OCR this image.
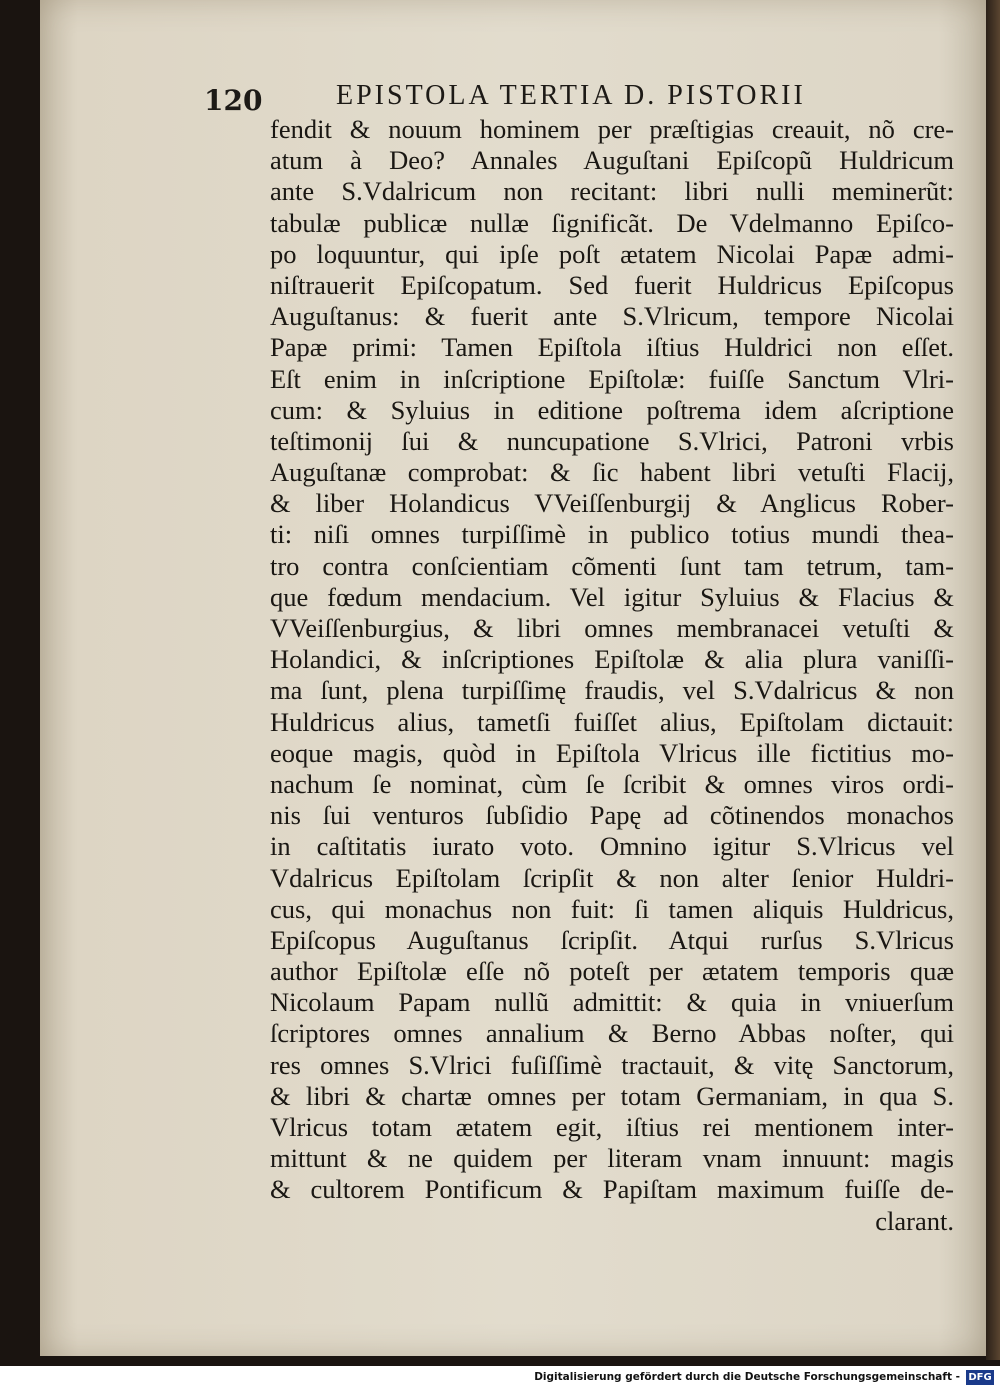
120	EPISTOLA TERTIA D. PISTORII
fendit & nouum hominem per præſtigias creauit, nõ cre-
atum à Deo? Annales Auguſtani Epiſcopũ Huldricum
ante S.Vdalricum non recitant: libri nulli meminerũt:
tabulæ publicæ nullæ ſignificãt. De Vdelmanno Epiſco-
po loquuntur, qui ipſe poſt ætatem Nicolai Papæ admi-
niſtrauerit Epiſcopatum. Sed fuerit Huldricus Epiſcopus
Auguſtanus: & fuerit ante S.Vlricum, tempore Nicolai
Papæ primi: Tamen Epiſtola iſtius Huldrici non eſſet.
Eſt enim in inſcriptione Epiſtolæ: fuiſſe Sanctum Vlri-
cum: & Syluius in editione poſtrema idem aſcriptione
teſtimonij ſui & nuncupatione S.Vlrici, Patroni vrbis
Auguſtanæ comprobat: & ſic habent libri vetuſti Flacij,
& liber Holandicus VVeiſſenburgij & Anglicus Rober-
ti: niſi omnes turpiſſimè in publico totius mundi thea-
tro contra conſcientiam cõmenti ſunt tam tetrum, tam-
que fœdum mendacium. Vel igitur Syluius & Flacius &
VVeiſſenburgius, & libri omnes membranacei vetuſti &
Holandici, & inſcriptiones Epiſtolæ & alia plura vaniſſi-
ma ſunt, plena turpiſſimę fraudis, vel S.Vdalricus & non
Huldricus alius, tametſi fuiſſet alius, Epiſtolam dictauit:
eoque magis, quòd in Epiſtola Vlricus ille fictitius mo-
nachum ſe nominat, cùm ſe ſcribit & omnes viros ordi-
nis ſui venturos ſubſidio Papę ad cõtinendos monachos
in caſtitatis iurato voto. Omnino igitur S.Vlricus vel
Vdalricus Epiſtolam ſcripſit & non alter ſenior Huldri-
cus, qui monachus non fuit: ſi tamen aliquis Huldricus,
Epiſcopus Auguſtanus ſcripſit. Atqui rurſus S.Vlricus
author Epiſtolæ eſſe nõ poteſt per ætatem temporis quæ
Nicolaum Papam nullũ admittit: & quia in vniuerſum
ſcriptores omnes annalium & Berno Abbas noſter, qui
res omnes S.Vlrici fuſiſſimè tractauit, & vitę Sanctorum,
& libri & chartæ omnes per totam Germaniam, in qua S.
Vlricus totam ætatem egit, iſtius rei mentionem inter-
mittunt & ne quidem per literam vnam innuunt: magis
& cultorem Pontificum & Papiſtam maximum fuiſſe de-
clarant.
Digitalisierung gefördert durch die Deutsche Forschungsgemeinschaft - DFG
